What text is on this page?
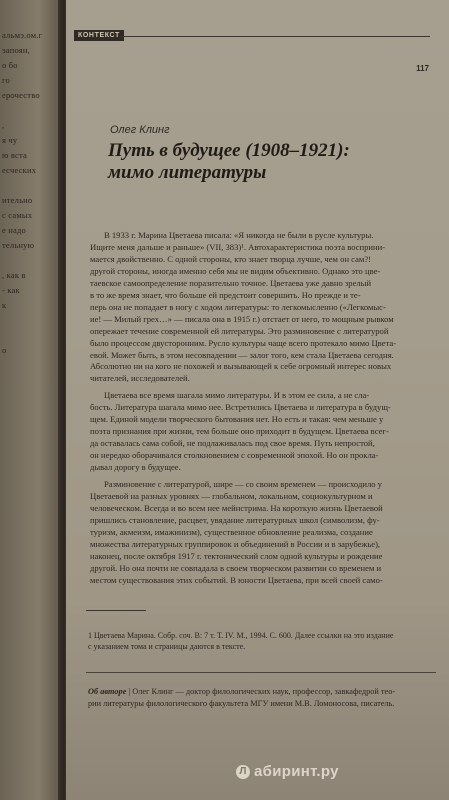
альмэ.ом.г
эапоян,
о бо
го
ерочество
,
я чу
ю вста
есческих
ительно
с самых
е надо
тельную
, как в
- как
к
о
КОНТЕКСТ
117
Олег Клинг
Путь в будущее (1908–1921):
мимо литературы
В 1933 г. Марина Цветаева писала: «Я никогда не были в русле культуры.
Ищите меня дальше и раньше» (VII, 383)¹. Автохарактеристика поэта восприни-
мается двойственно. С одной стороны, кто знает творца лучше, чем он сам?!
другой стороны, иногда именно себя мы не видим объективно. Однако это цве-
таевское самоопределение поразительно точное. Цветаева уже давно зрелый
в то же время знает, что больше ей предстоит совершить. Но прежде и те-
перь она не попадает в ногу с ходом литературы: то легкомысленно («Легкомыс-
ие! — Милый грех…» — писала она в 1915 г.) отстает от него, то мощным рывком
опережает течение современной ей литературы. Это разминовение с литературой
было процессом двусторонним. Русло культуры чаще всего протекало мимо Цвета-
евой. Может быть, в этом несовпадении — залог того, кем стала Цветаева сегодня.
Абсолютно ни на кого не похожей и вызывающей к себе огромный интерес новых
читателей, исследователей.
Цветаева все время шагала мимо литературы. И в этом ее сила, а не сла-
бость. Литература шагала мимо нее. Встретились Цветаева и литература в будущ-
щем. Единой модели творческого бытования нет. Но есть и такая: чем меньше у
поэта признания при жизни, тем больше оно приходит в будущем. Цветаева всег-
да оставалась сама собой, не подлаживалась под свое время. Путь непростой,
он нередко оборачивался столкновением с современной эпохой. Но он прокла-
дывал дорогу в будущее.
Разминовение с литературой, шире — со своим временем — происходило у
Цветаевой на разных уровнях — глобальном, локальном, социокультурном и
человеческом. Всегда и во всем нее мейнстрима. На короткую жизнь Цветаевой
пришлись становление, расцвет, увядание литературных школ (символизм, фу-
туризм, акмеизм, имажинизм), существенное обновление реализма, создание
множества литературных группировок и объединений в России и в зарубежье),
наконец, после октября 1917 г. тектонический слом одной культуры и рождение
другой. Но она почти не совпадала в своем творческом развитии со временем и
местом существования этих событий. В юности Цветаева, при всей своей само-
1 Цветаева Марина. Собр. соч. В: 7 т. Т. IV. М., 1994. С. 600. Далее ссылки на это издание
с указанием тома и страницы даются в тексте.
Об авторе | Олег Клинг — доктор филологических наук, профессор, завкафедрой тео-
рии литературы филологического факультета МГУ имени М.В. Ломоносова, писатель.
Л абиринт.ру
